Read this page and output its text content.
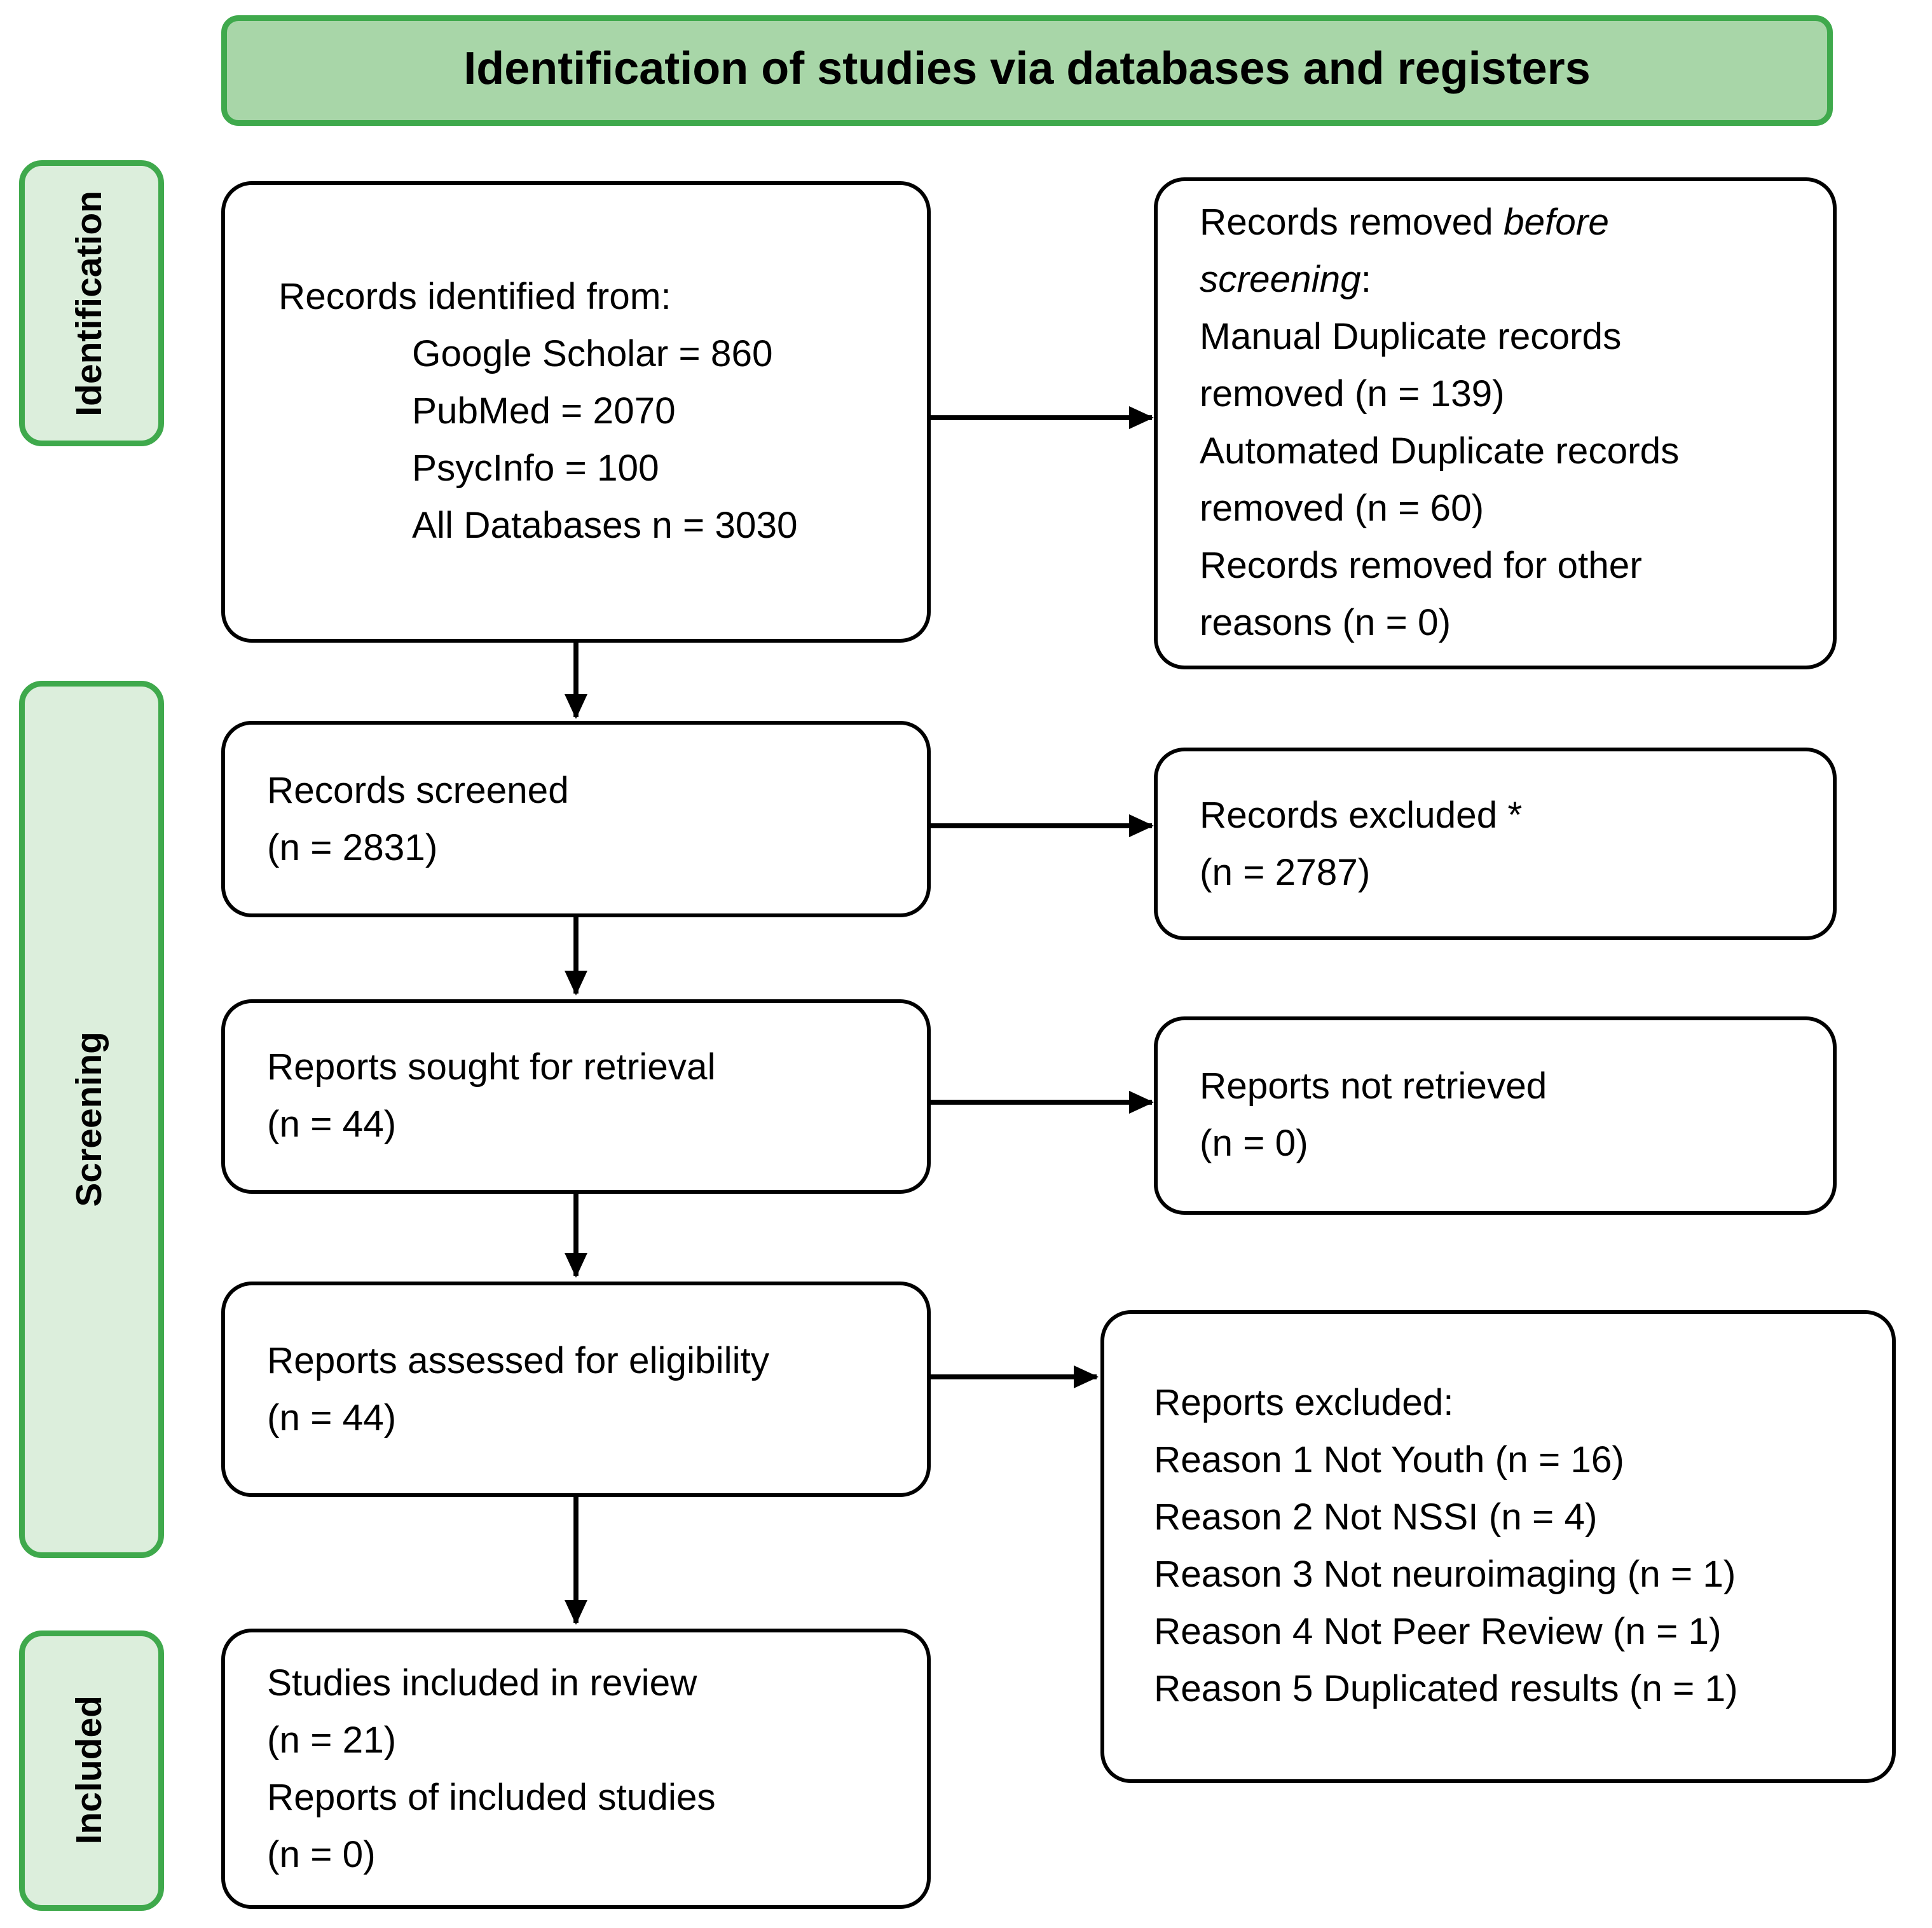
Identification of studies via databases and registers
Identification
Screening
Included
Records identified from:
Google Scholar = 860
PubMed = 2070
PsycInfo = 100
All Databases n = 3030
Records removed before screening:
Manual Duplicate records removed (n = 139)
Automated Duplicate records removed (n = 60)
Records removed for other reasons (n = 0)
Records screened
(n = 2831)
Records excluded *
(n = 2787)
Reports sought for retrieval
(n = 44)
Reports not retrieved
(n = 0)
Reports assessed for eligibility
(n = 44)	Reports excluded:
Reason 1 Not Youth (n = 16)
Reason 2 Not NSSI (n = 4)
Reason 3 Not neuroimaging (n = 1)
Reason 4 Not Peer Review (n = 1)
Reason 5 Duplicated results (n = 1)
Studies included in review
(n = 21)
Reports of included studies
(n = 0)
